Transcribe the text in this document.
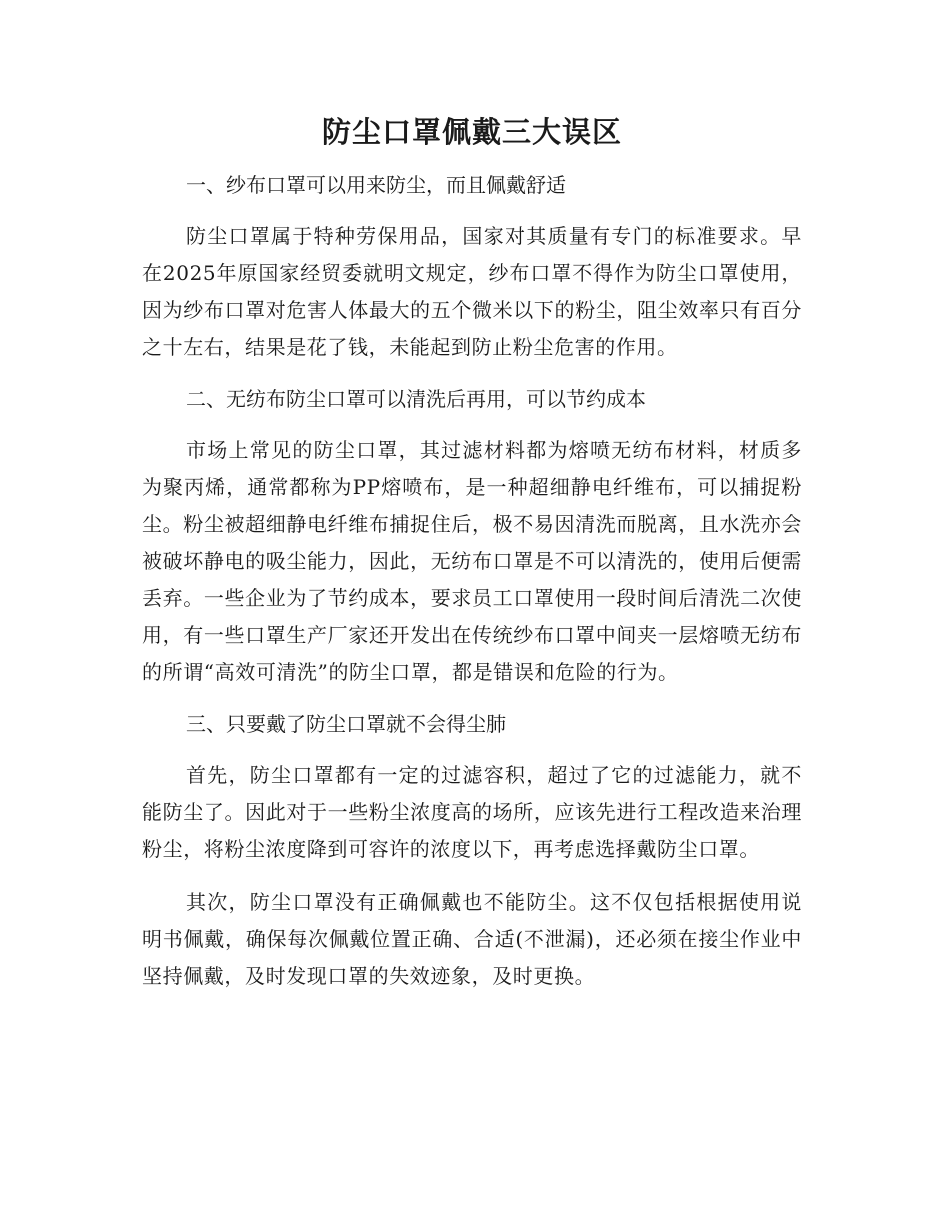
防尘口罩佩戴三大误区

一、纱布口罩可以用来防尘，而且佩戴舒适

防尘口罩属于特种劳保用品，国家对其质量有专门的标准要求。早在2025年原国家经贸委就明文规定，纱布口罩不得作为防尘口罩使用，因为纱布口罩对危害人体最大的五个微米以下的粉尘，阻尘效率只有百分之十左右，结果是花了钱，未能起到防止粉尘危害的作用。

二、无纺布防尘口罩可以清洗后再用，可以节约成本

市场上常见的防尘口罩，其过滤材料都为熔喷无纺布材料，材质多为聚丙烯，通常都称为PP熔喷布，是一种超细静电纤维布，可以捕捉粉尘。粉尘被超细静电纤维布捕捉住后，极不易因清洗而脱离，且水洗亦会被破坏静电的吸尘能力，因此，无纺布口罩是不可以清洗的，使用后便需丢弃。一些企业为了节约成本，要求员工口罩使用一段时间后清洗二次使用，有一些口罩生产厂家还开发出在传统纱布口罩中间夹一层熔喷无纺布的所谓“高效可清洗”的防尘口罩，都是错误和危险的行为。

三、只要戴了防尘口罩就不会得尘肺

首先，防尘口罩都有一定的过滤容积，超过了它的过滤能力，就不能防尘了。因此对于一些粉尘浓度高的场所，应该先进行工程改造来治理粉尘，将粉尘浓度降到可容许的浓度以下，再考虑选择戴防尘口罩。

其次，防尘口罩没有正确佩戴也不能防尘。这不仅包括根据使用说明书佩戴，确保每次佩戴位置正确、合适(不泄漏)，还必须在接尘作业中坚持佩戴，及时发现口罩的失效迹象，及时更换。
